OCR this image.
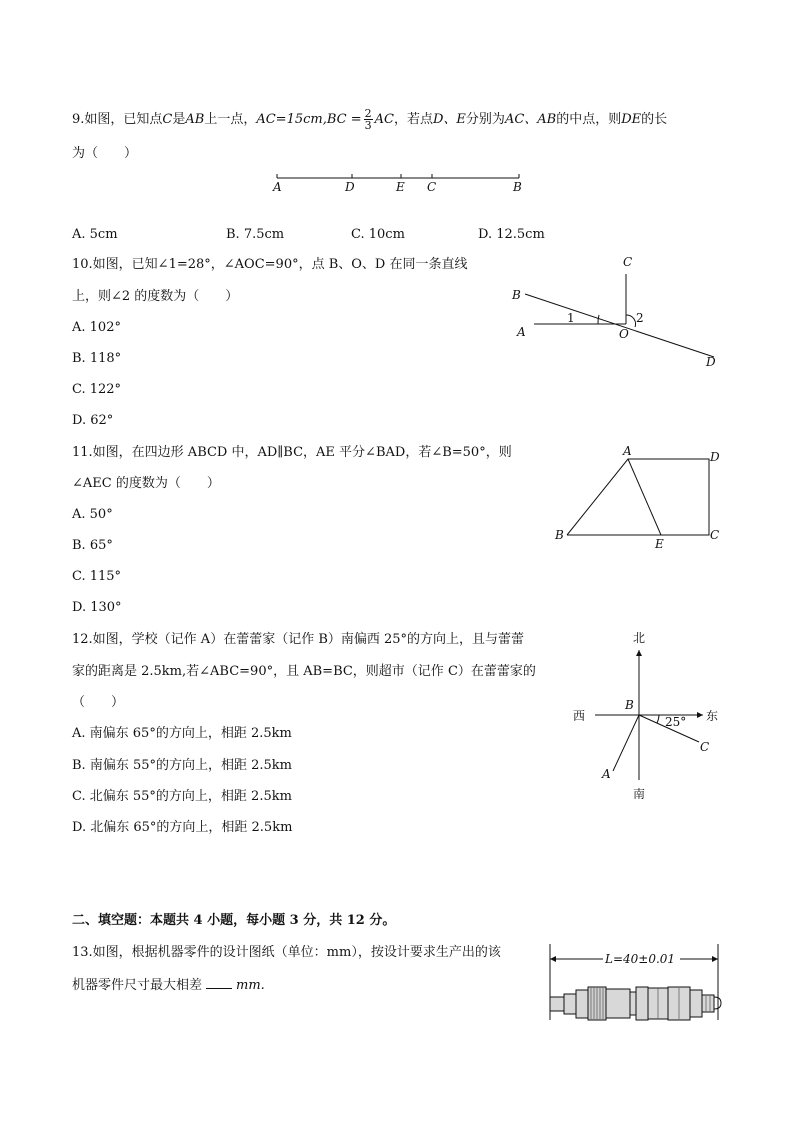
9.如图，已知点C是AB上一点，$AC=15cm,BC = \frac{2}{3}$ AC，若点D、E分别为AC、AB的中点，则DE的长
为（　　）
A	D	E C	B
A. 5cm	B. 7.5cm	C. 10cm	D. 12.5cm
10.如图，已知∠1=28°，∠AOC=90°，点 B、O、D 在同一条直线
上，则∠2 的度数为（　　）
A. 102°
B. 118°
C. 122°
D. 62°
C
B
A	O
D
1	2
11.如图，在四边形 ABCD 中，AD∥BC，AE 平分∠BAD，若∠B=50°，则
∠AEC 的度数为（　　）
A. 50°
B. 65°
C. 115°
D. 130°
A	D
B
E
C
12.如图，学校（记作 A）在蕾蕾家（记作 B）南偏西 25°的方向上，且与蕾蕾
家的距离是 2.5km,若∠ABC=90°，且 AB=BC，则超市（记作 C）在蕾蕾家的
（　　）
A. 南偏东 65°的方向上，相距 2.5km
B. 南偏东 55°的方向上，相距 2.5km
C. 北偏东 55°的方向上，相距 2.5km
D. 北偏东 65°的方向上，相距 2.5km
北
南
西	东
B
A
C
25°
二、填空题：本题共 4 小题，每小题 3 分，共 12 分。
13.如图，根据机器零件的设计图纸（单位：mm），按设计要求生产出的该
机器零件尺寸最大相差	mm.
L=40±0.01
